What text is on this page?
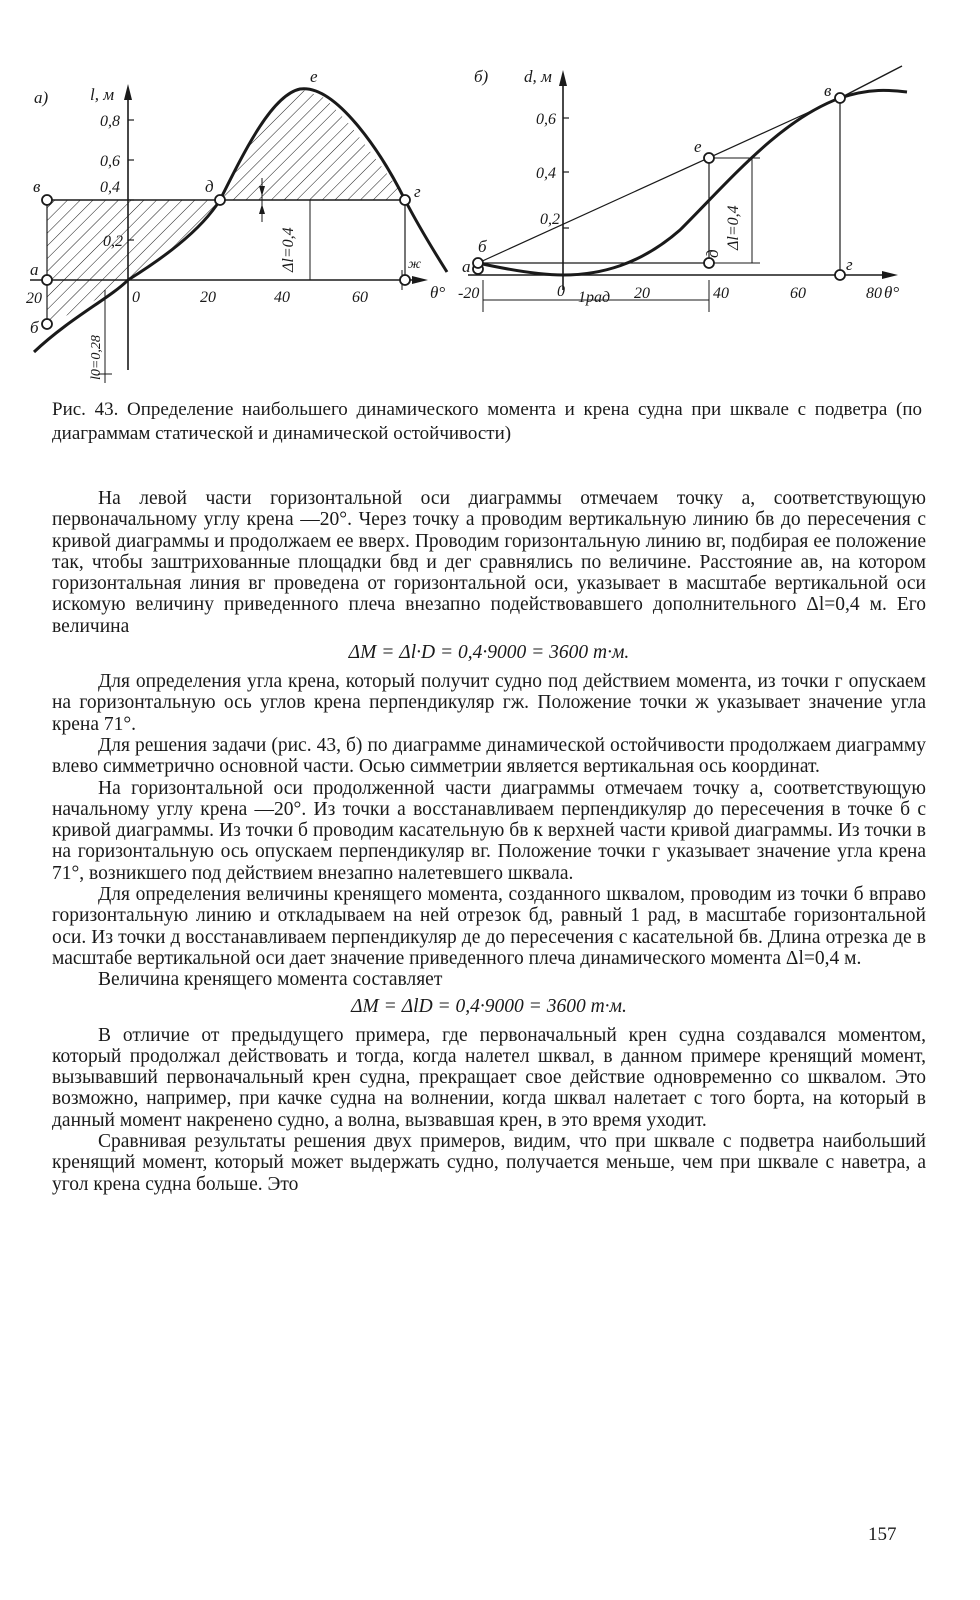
а) l, м
0,8
0,6
0,4
0,2
20	0	20	40	60	θ°
а
б
в	д
е
г
ж
Δl=0,4
l0=0,28
б) d, м
0,6
0,4
0,2
-20	0	20	40	60	80 θ°
1рад
а
б
в
д
е
г
Δl=0,4
Рис. 43. Определение наибольшего динамического момента и крена судна при шквале с подветра (по диаграммам статической и динамической остойчивости)

На левой части горизонтальной оси диаграммы отмечаем точку а, соответствующую первоначальному углу крена —20°. Через точку а проводим вертикальную линию бв до пересечения с кривой диаграммы и продолжаем ее вверх. Проводим горизонтальную линию вг, подбирая ее положение так, чтобы заштрихованные площадки бвд и дег сравнялись по величине. Расстояние ав, на котором горизонтальная линия вг проведена от горизонтальной оси, указывает в масштабе вертикальной оси искомую величину приведенного плеча внезапно подействовавшего дополнительного Δl=0,4 м. Его величина

ΔM = Δl·D = 0,4·9000 = 3600 т·м.

Для определения угла крена, который получит судно под действием момента, из точки г опускаем на горизонтальную ось углов крена перпендикуляр гж. Положение точки ж указывает значение угла крена 71°.

Для решения задачи (рис. 43, б) по диаграмме динамической остойчивости продолжаем диаграмму влево симметрично основной части. Осью симметрии является вертикальная ось координат.

На горизонтальной оси продолженной части диаграммы отмечаем точку а, соответствующую начальному углу крена —20°. Из точки а восстанавливаем перпендикуляр до пересечения в точке б с кривой диаграммы. Из точки б проводим касательную бв к верхней части кривой диаграммы. Из точки в на горизонтальную ось опускаем перпендикуляр вг. Положение точки г указывает значение угла крена 71°, возникшего под действием внезапно налетевшего шквала.

Для определения величины кренящего момента, созданного шквалом, проводим из точки б вправо горизонтальную линию и откладываем на ней отрезок бд, равный 1 рад, в масштабе горизонтальной оси. Из точки д восстанавливаем перпендикуляр де до пересечения с касательной бв. Длина отрезка де в масштабе вертикальной оси дает значение приведенного плеча динамического момента Δl=0,4 м.

Величина кренящего момента составляет

ΔM = ΔlD = 0,4·9000 = 3600 т·м.

В отличие от предыдущего примера, где первоначальный крен судна создавался моментом, который продолжал действовать и тогда, когда налетел шквал, в данном примере кренящий момент, вызывавший первоначальный крен судна, прекращает свое действие одновременно со шквалом. Это возможно, например, при качке судна на волнении, когда шквал налетает с того борта, на который в данный момент накренено судно, а волна, вызвавшая крен, в это время уходит.

Сравнивая результаты решения двух примеров, видим, что при шквале с подветра наибольший кренящий момент, который может выдержать судно, получается меньше, чем при шквале с наветра, а угол крена судна больше. Это

157
